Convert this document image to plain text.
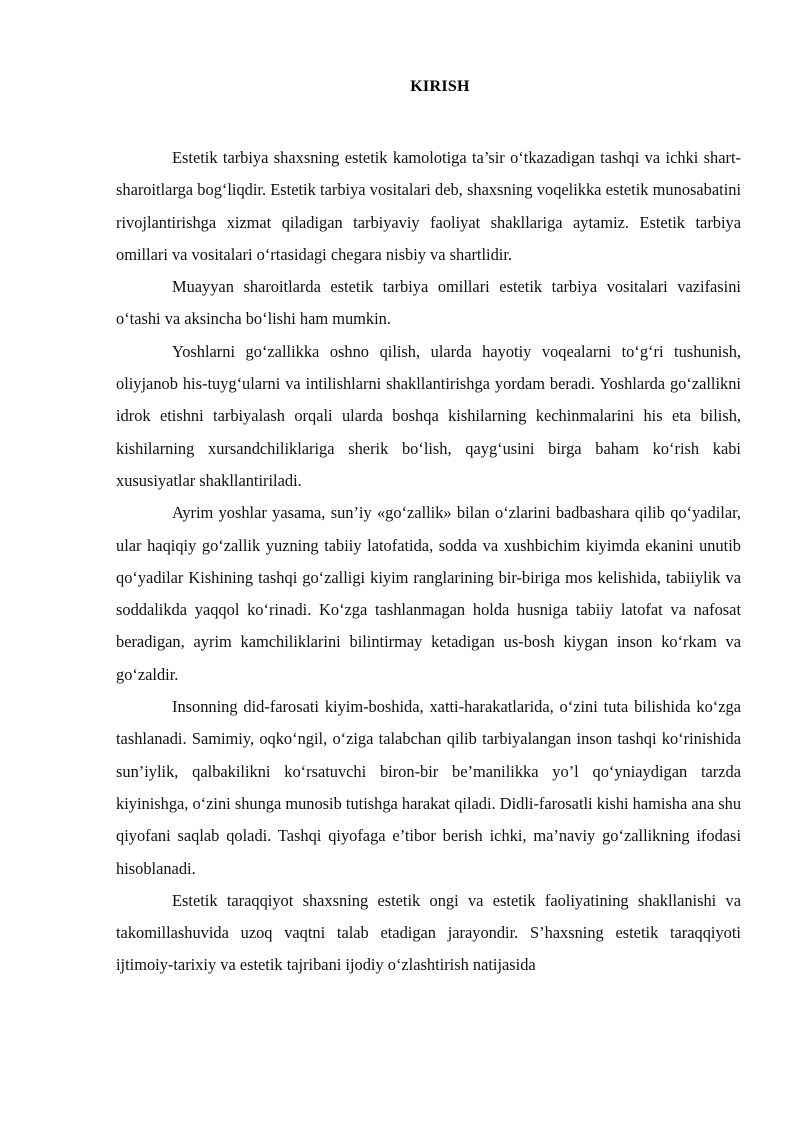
KIRISH

Estetik tarbiya shaxsning estetik kamolotiga ta’sir o‘tkazadigan tashqi va ichki shart-sharoitlarga bog‘liqdir. Estetik tarbiya vositalari deb, shaxsning voqelikka estetik munosabatini rivojlantirishga xizmat qiladigan tarbiyaviy faoliyat shakllariga aytamiz. Estetik tarbiya omillari va vositalari o‘rtasidagi chegara nisbiy va shartlidir.

Muayyan sharoitlarda estetik tarbiya omillari estetik tarbiya vositalari vazifasini o‘tashi va aksincha bo‘lishi ham mumkin.

Yoshlarni go‘zallikka oshno qilish, ularda hayotiy voqealarni to‘g‘ri tushunish, oliyjanob his-tuyg‘ularni va intilishlarni shakllantirishga yordam beradi. Yoshlarda go‘zallikni idrok etishni tarbiyalash orqali ularda boshqa kishilarning kechinmalarini his eta bilish, kishilarning xursandchiliklariga sherik bo‘lish, qayg‘usini birga baham ko‘rish kabi xususiyatlar shakllantiriladi.

Ayrim yoshlar yasama, sun’iy «go‘zallik» bilan o‘zlarini badbashara qilib qo‘yadilar, ular haqiqiy go‘zallik yuzning tabiiy latofatida, sodda va xushbichim kiyimda ekanini unutib qo‘yadilar Kishining tashqi go‘zalligi kiyim ranglarining bir-biriga mos kelishida, tabiiylik va soddalikda yaqqol ko‘rinadi. Ko‘zga tashlanmagan holda husniga tabiiy latofat va nafosat beradigan, ayrim kamchiliklarini bilintirmay ketadigan us-bosh kiygan inson ko‘rkam va go‘zaldir.

Insonning did-farosati kiyim-boshida, xatti-harakatlarida, o‘zini tuta bilishida ko‘zga tashlanadi. Samimiy, oqko‘ngil, o‘ziga talabchan qilib tarbiyalangan inson tashqi ko‘rinishida sun’iylik, qalbakilikni ko‘rsatuvchi biron-bir be’manilikka yo’l qo‘yniaydigan tarzda kiyinishga, o‘zini shunga munosib tutishga harakat qiladi. Didli-farosatli kishi hamisha ana shu qiyofani saqlab qoladi. Tashqi qiyofaga e’tibor berish ichki, ma’naviy go‘zallikning ifodasi hisoblanadi.

Estetik taraqqiyot shaxsning estetik ongi va estetik faoliyatining shakllanishi va takomillashuvida uzoq vaqtni talab etadigan jarayondir. S’haxsning estetik taraqqiyoti ijtimoiy-tarixiy va estetik tajribani ijodiy o‘zlashtirish natijasida
